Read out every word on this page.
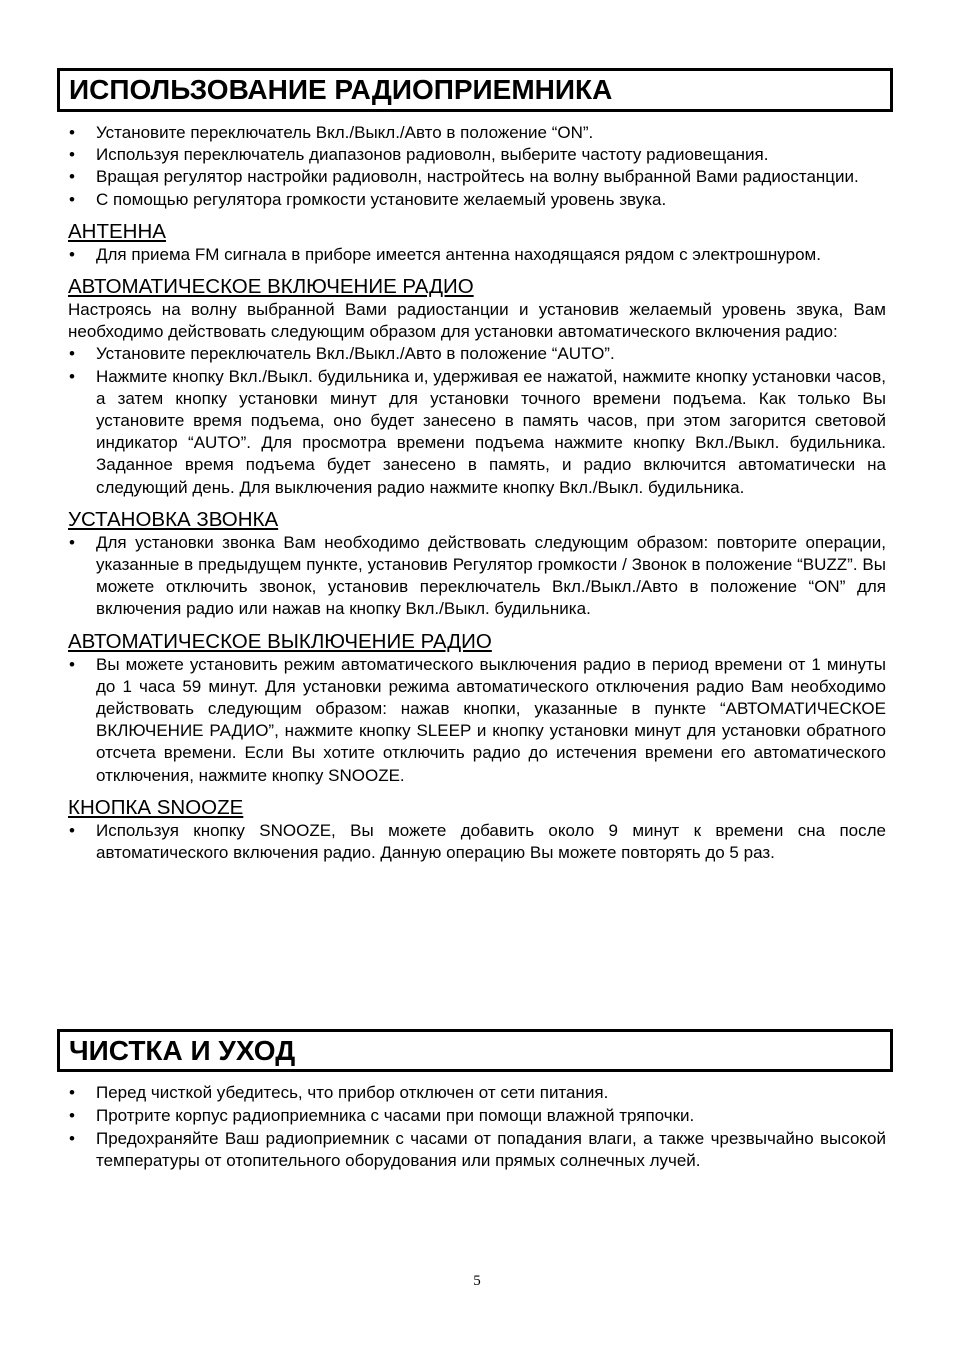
ИСПОЛЬЗОВАНИЕ РАДИОПРИЕМНИКА
• Установите переключатель Вкл./Выкл./Авто в положение “ON”.
• Используя переключатель диапазонов радиоволн, выберите частоту радиовещания.
• Вращая регулятор настройки радиоволн, настройтесь на волну выбранной Вами радиостанции.
• С помощью регулятора громкости установите желаемый уровень звука.
АНТЕННА
• Для приема FM сигнала в приборе имеется антенна находящаяся рядом с электрошнуром.
АВТОМАТИЧЕСКОЕ ВКЛЮЧЕНИЕ РАДИО

Настроясь на волну выбранной Вами радиостанции и установив желаемый уровень звука, Вам необходимо действовать следующим образом для установки автоматического включения радио:

• Установите переключатель Вкл./Выкл./Авто в положение “AUTO”.
• Нажмите кнопку Вкл./Выкл. будильника и, удерживая ее нажатой, нажмите кнопку установки часов, а затем кнопку установки минут для установки точного времени подъема. Как только Вы установите время подъема, оно будет занесено в память часов, при этом загорится световой индикатор “AUTO”. Для просмотра времени подъема нажмите кнопку Вкл./Выкл. будильника. Заданное время подъема будет занесено в память, и радио включится автоматически на следующий день. Для выключения радио нажмите кнопку Вкл./Выкл. будильника.
УСТАНОВКА ЗВОНКА
• Для установки звонка Вам необходимо действовать следующим образом: повторите операции, указанные в предыдущем пункте, установив Регулятор громкости / Звонок в положение “BUZZ”. Вы можете отключить звонок, установив переключатель Вкл./Выкл./Авто в положение “ON” для включения радио или нажав на кнопку Вкл./Выкл. будильника.
АВТОМАТИЧЕСКОЕ ВЫКЛЮЧЕНИЕ РАДИО
• Вы можете установить режим автоматического выключения радио в период времени от 1 минуты до 1 часа 59 минут. Для установки режима автоматического отключения радио Вам необходимо действовать следующим образом: нажав кнопки, указанные в пункте “АВТОМАТИЧЕСКОЕ ВКЛЮЧЕНИЕ РАДИО”, нажмите кнопку SLEEP и кнопку установки минут для установки обратного отсчета времени. Если Вы хотите отключить радио до истечения времени его автоматического отключения, нажмите кнопку SNOOZE.
КНОПКА SNOOZE
• Используя кнопку SNOOZE, Вы можете добавить около 9 минут к времени сна после автоматического включения радио. Данную операцию Вы можете повторять до 5 раз.
ЧИСТКА И УХОД
• Перед чисткой убедитесь, что прибор отключен от сети питания.
• Протрите корпус радиоприемника с часами при помощи влажной тряпочки.
• Предохраняйте Ваш радиоприемник с часами от попадания влаги, а также чрезвычайно высокой температуры от отопительного оборудования или прямых солнечных лучей.
5
